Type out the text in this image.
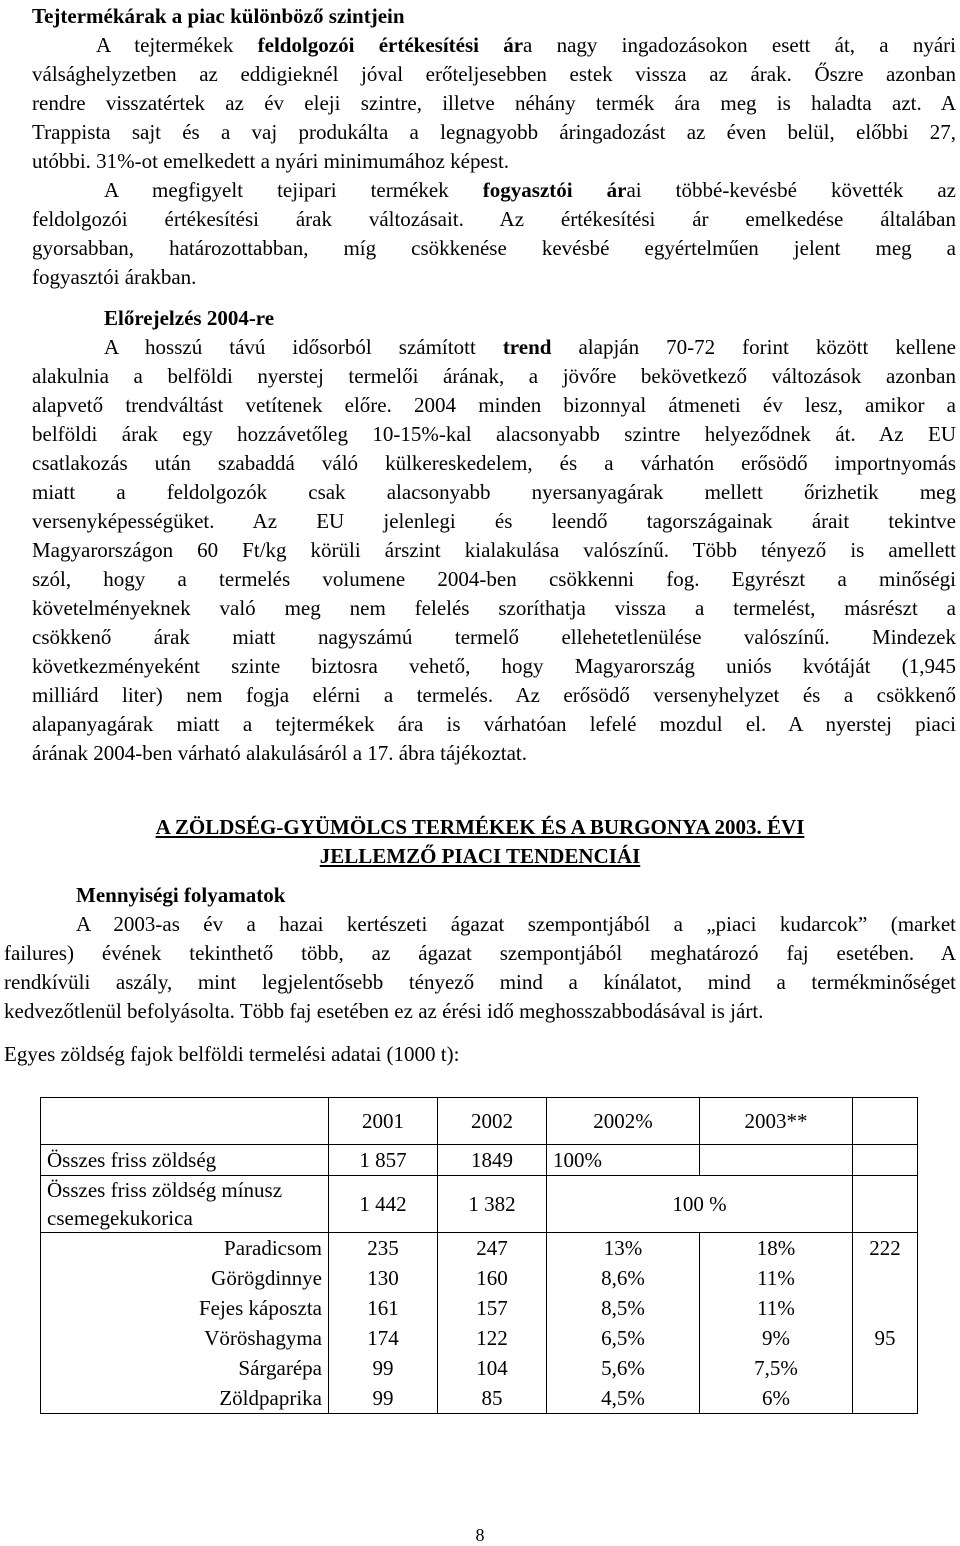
Tejtermékárak a piac különböző szintjein
A tejtermékek feldolgozói értékesítési ára nagy ingadozásokon esett át, a nyári
válsághelyzetben az eddigieknél jóval erőteljesebben estek vissza az árak. Őszre azonban
rendre visszatértek az év eleji szintre, illetve néhány termék ára meg is haladta azt. A
Trappista sajt és a vaj produkálta a legnagyobb áringadozást az éven belül, előbbi 27,
utóbbi. 31%-ot emelkedett a nyári minimumához képest.
A megfigyelt tejipari termékek fogyasztói árai többé-kevésbé követték az
feldolgozói értékesítési árak változásait. Az értékesítési ár emelkedése általában
gyorsabban, határozottabban, míg csökkenése kevésbé egyértelműen jelent meg a
fogyasztói árakban.
Előrejelzés 2004-re
A hosszú távú idősorból számított trend alapján 70-72 forint között kellene
alakulnia a belföldi nyerstej termelői árának, a jövőre bekövetkező változások azonban
alapvető trendváltást vetítenek előre. 2004 minden bizonnyal átmeneti év lesz, amikor a
belföldi árak egy hozzávetőleg 10-15%-kal alacsonyabb szintre helyeződnek át. Az EU
csatlakozás után szabaddá váló külkereskedelem, és a várhatón erősödő importnyomás
miatt a feldolgozók csak alacsonyabb nyersanyagárak mellett őrizhetik meg
versenyképességüket. Az EU jelenlegi és leendő tagországainak árait tekintve
Magyarországon 60 Ft/kg körüli árszint kialakulása valószínű. Több tényező is amellett
szól, hogy a termelés volumene 2004-ben csökkenni fog. Egyrészt a minőségi
követelményeknek való meg nem felelés szoríthatja vissza a termelést, másrészt a
csökkenő árak miatt nagyszámú termelő ellehetetlenülése valószínű. Mindezek
következményeként szinte biztosra vehető, hogy Magyarország uniós kvótáját (1,945
milliárd liter) nem fogja elérni a termelés. Az erősödő versenyhelyzet és a csökkenő
alapanyagárak miatt a tejtermékek ára is várhatóan lefelé mozdul el. A nyerstej piaci
árának 2004-ben várható alakulásáról a 17. ábra tájékoztat.
A ZÖLDSÉG-GYÜMÖLCS TERMÉKEK ÉS A BURGONYA 2003. ÉVI
JELLEMZŐ PIACI TENDENCIÁI
Mennyiségi folyamatok
A 2003-as év a hazai kertészeti ágazat szempontjából a „piaci kudarcok” (market
failures) évének tekinthető több, az ágazat szempontjából meghatározó faj esetében. A
rendkívüli aszály, mint legjelentősebb tényező mind a kínálatot, mind a termékminőséget
kedvezőtlenül befolyásolta. Több faj esetében ez az érési idő meghosszabbodásával is járt.
Egyes zöldség fajok belföldi termelési adatai (1000 t):
	2001	2002	2002%	2003**	
Összes friss zöldség	1 857	1849	100%		
Összes friss zöldség mínusz csemegekukorica	1 442	1 382	100 %		
Paradicsom	235	247	13%	18%	222
Görögdinnye	130	160	8,6%	11%	
Fejes káposzta	161	157	8,5%	11%	
Vöröshagyma	174	122	6,5%	9%	95
Sárgarépa	99	104	5,6%	7,5%	
Zöldpaprika	99	85	4,5%	6%	
8
